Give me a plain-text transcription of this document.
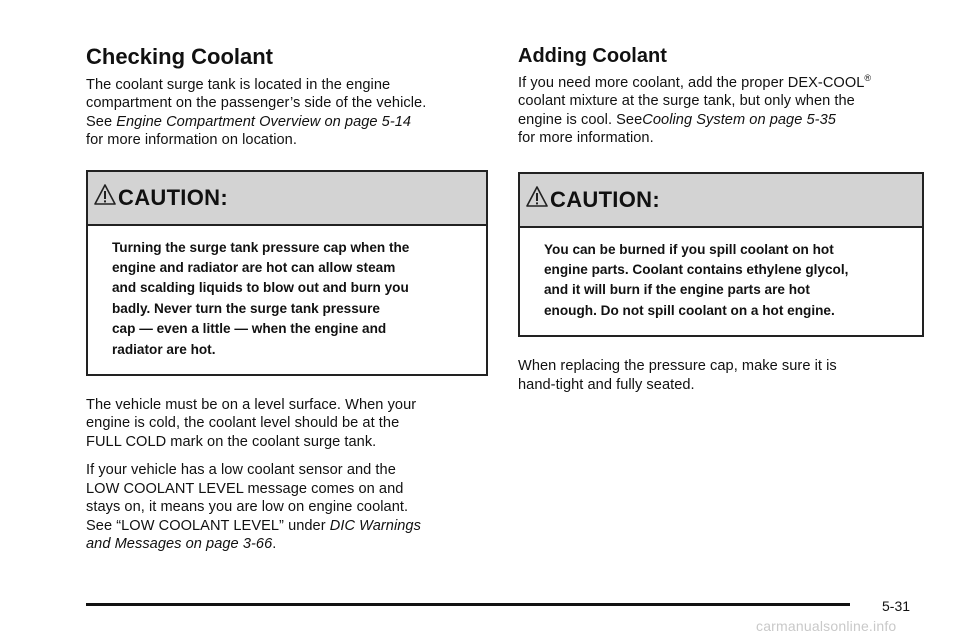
Checking Coolant

The coolant surge tank is located in the engine
compartment on the passenger’s side of the vehicle.
See Engine Compartment Overview on page 5-14
for more information on location.

CAUTION:
Turning the surge tank pressure cap when the
engine and radiator are hot can allow steam
and scalding liquids to blow out and burn you
badly. Never turn the surge tank pressure
cap — even a little — when the engine and
radiator are hot.

The vehicle must be on a level surface. When your
engine is cold, the coolant level should be at the
FULL COLD mark on the coolant surge tank.

If your vehicle has a low coolant sensor and the
LOW COOLANT LEVEL message comes on and
stays on, it means you are low on engine coolant.
See “LOW COOLANT LEVEL” under DIC Warnings
and Messages on page 3-66.

Adding Coolant

If you need more coolant, add the proper DEX-COOL®
coolant mixture at the surge tank, but only when the
engine is cool. SeeCooling System on page 5-35
for more information.

CAUTION:
You can be burned if you spill coolant on hot
engine parts. Coolant contains ethylene glycol,
and it will burn if the engine parts are hot
enough. Do not spill coolant on a hot engine.

When replacing the pressure cap, make sure it is
hand-tight and fully seated.

5-31
carmanualsonline.info
